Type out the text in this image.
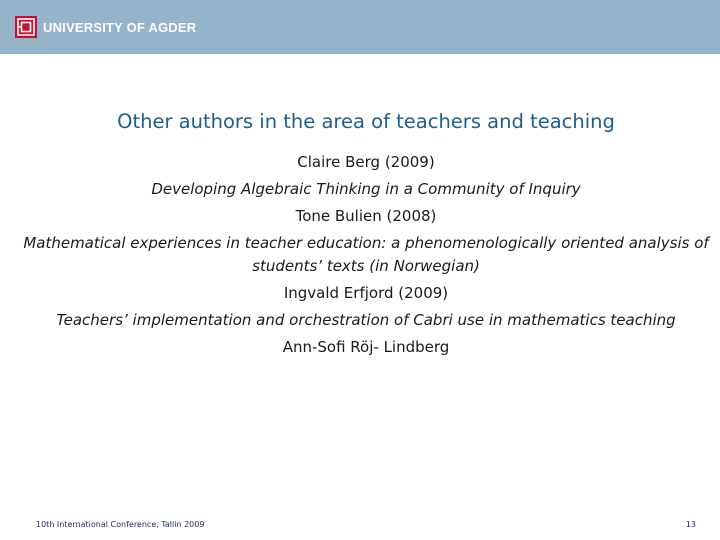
UNIVERSITY OF AGDER
Other authors in the area of teachers and teaching

Claire Berg (2009)

Developing Algebraic Thinking in a Community of Inquiry

Tone Bulien (2008)

Mathematical experiences in teacher education: a phenomenologically oriented analysis of students’ texts (in Norwegian)

Ingvald Erfjord (2009)

Teachers’ implementation and orchestration of Cabri use in mathematics teaching

Ann-Sofi Röj- Lindberg

10th International Conference, Tallin 2009	13
